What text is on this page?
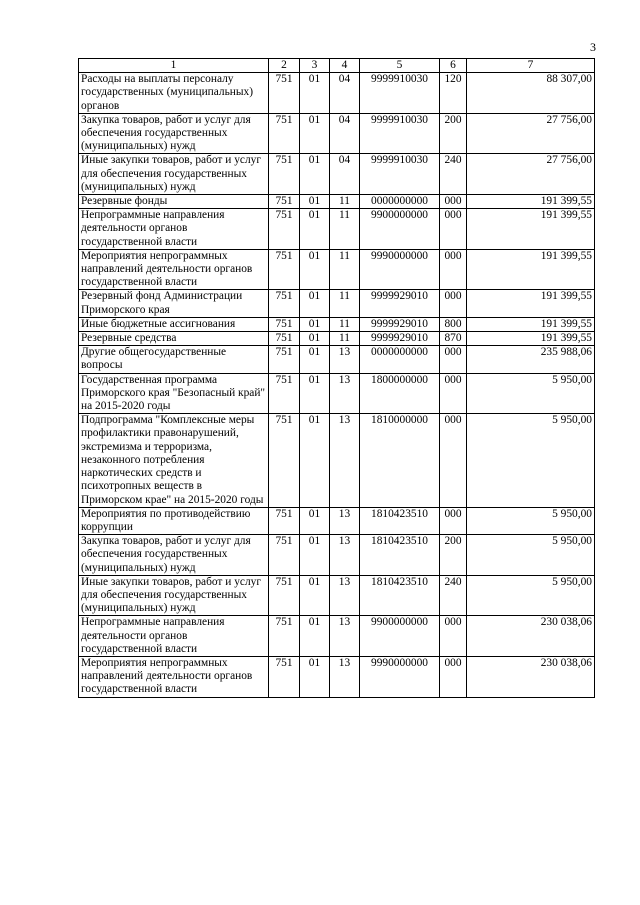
3
1	2	3	4	5	6	7
Расходы на выплаты персоналу государственных (муниципальных) органов	751	01	04	9999910030	120	88 307,00
Закупка товаров, работ и услуг для обеспечения государственных (муниципальных) нужд	751	01	04	9999910030	200	27 756,00
Иные закупки товаров, работ и услуг для обеспечения государственных (муниципальных) нужд	751	01	04	9999910030	240	27 756,00
Резервные фонды	751	01	11	0000000000	000	191 399,55
Непрограммные направления деятельности органов государственной власти	751	01	11	9900000000	000	191 399,55
Мероприятия непрограммных направлений деятельности органов государственной власти	751	01	11	9990000000	000	191 399,55
Резервный фонд Администрации Приморского края	751	01	11	9999929010	000	191 399,55
Иные бюджетные ассигнования	751	01	11	9999929010	800	191 399,55
Резервные средства	751	01	11	9999929010	870	191 399,55
Другие общегосударственные вопросы	751	01	13	0000000000	000	235 988,06
Государственная программа Приморского края "Безопасный край" на 2015-2020 годы	751	01	13	1800000000	000	5 950,00
Подпрограмма "Комплексные меры профилактики правонарушений, экстремизма и терроризма, незаконного потребления наркотических средств и психотропных веществ в Приморском крае" на 2015-2020 годы	751	01	13	1810000000	000	5 950,00
Мероприятия по противодействию коррупции	751	01	13	1810423510	000	5 950,00
Закупка товаров, работ и услуг для обеспечения государственных (муниципальных) нужд	751	01	13	1810423510	200	5 950,00
Иные закупки товаров, работ и услуг для обеспечения государственных (муниципальных) нужд	751	01	13	1810423510	240	5 950,00
Непрограммные направления деятельности органов государственной власти	751	01	13	9900000000	000	230 038,06
Мероприятия непрограммных направлений деятельности органов государственной власти	751	01	13	9990000000	000	230 038,06
